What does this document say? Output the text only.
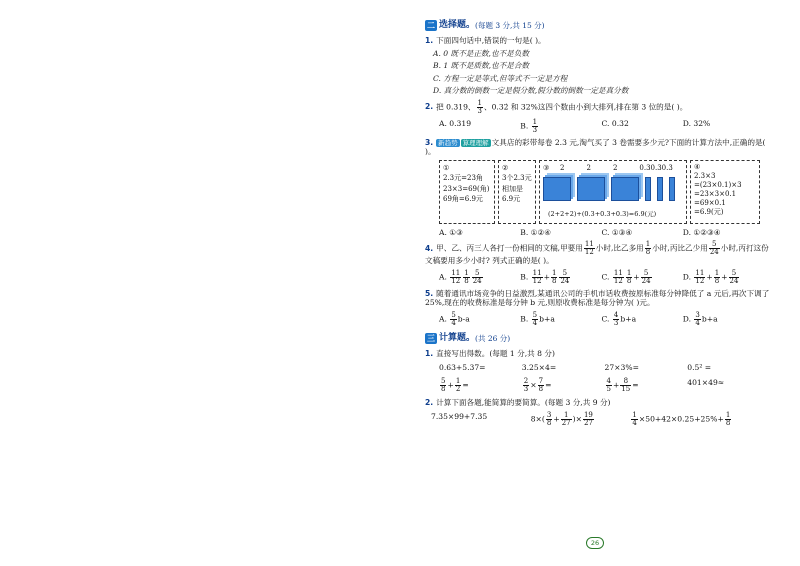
二 选择题。 (每题 3 分,共 15 分)
1. 下面四句话中,错误的一句是( )。
A. 0 既不是正数,也不是负数
B. 1 既不是质数,也不是合数
C. 方程一定是等式,但等式不一定是方程
D. 真分数的倒数一定是假分数,假分数的倒数一定是真分数
2. 把 0.319、 $\frac{1}{3}$ 、0.32̇ 和 32%这四个数由小到大排列,排在第 3 位的是( )。
A. 0.319	B. $\frac{1}{3}$	C. 0.32	D. 32%
3. 新趋势 算理理解 文具店的彩带每卷 2.3 元,淘气买了 3 卷需要多少元?下面的计算方法中,正确的是( )。
①
2.3元=23角
23×3=69(角)
69角=6.9元
②
3个2.3元
相加是
6.9元
③	2	2	2	0.30.30.3
(2+2+2)+(0.3+0.3+0.3)=6.9(元)
④
2.3×3
=(23×0.1)×3
=23×3×0.1
=69×0.1
=6.9(元)
A. ①③	B. ①②④	C. ①③④	D. ①②③④
4. 甲、乙、丙三人各打一份相同的文稿,甲要用 $\frac{11}{12}$ 小时,比乙多用 $\frac{1}{8}$ 小时,丙比乙少用 $\frac{5}{24}$ 小时,丙打这份文稿要用多少小时? 列式正确的是( )。
A. $\frac{11}{12} \frac{1}{8} \frac{5}{24}$	B. $\frac{11}{12} + \frac{1}{8} \frac{5}{24}$	C. $\frac{11}{12} \frac{1}{8} + \frac{5}{24}$	D. $\frac{11}{12} + \frac{1}{8} + \frac{5}{24}$
5. 随着通讯市场竞争的日益激烈,某通讯公司的手机市话收费按原标准每分钟降低了 a 元后,再次下调了 25%,现在的收费标准是每分钟 b 元,则原收费标准是每分钟为( )元。
A. $\frac{5}{4} b-a$	B. $\frac{5}{4} b+a$	C. $\frac{4}{3} b+a$	D. $\frac{3}{4} b+a$
三 计算题。 (共 26 分)
1. 直接写出得数。(每题 1 分,共 8 分)
0.63+5.37=	3.25×4=	27×3%=	0.5² =
$\frac{5}{8} + \frac{1}{2}$ =	$\frac{2}{3} \times \frac{7}{8}$ =	$\frac{4}{5} + \frac{8}{15}$ =	401×49≈
2. 计算下面各题,能简算的要简算。(每题 3 分,共 9 分)
7.35×99+7.35	$8\times( \frac{3}{8} + \frac{1}{27}$ )× $\frac{19}{27}$	$\frac{1}{4} \times 50+42\times 0.25+25\%+ \frac{1}{8}$
26
